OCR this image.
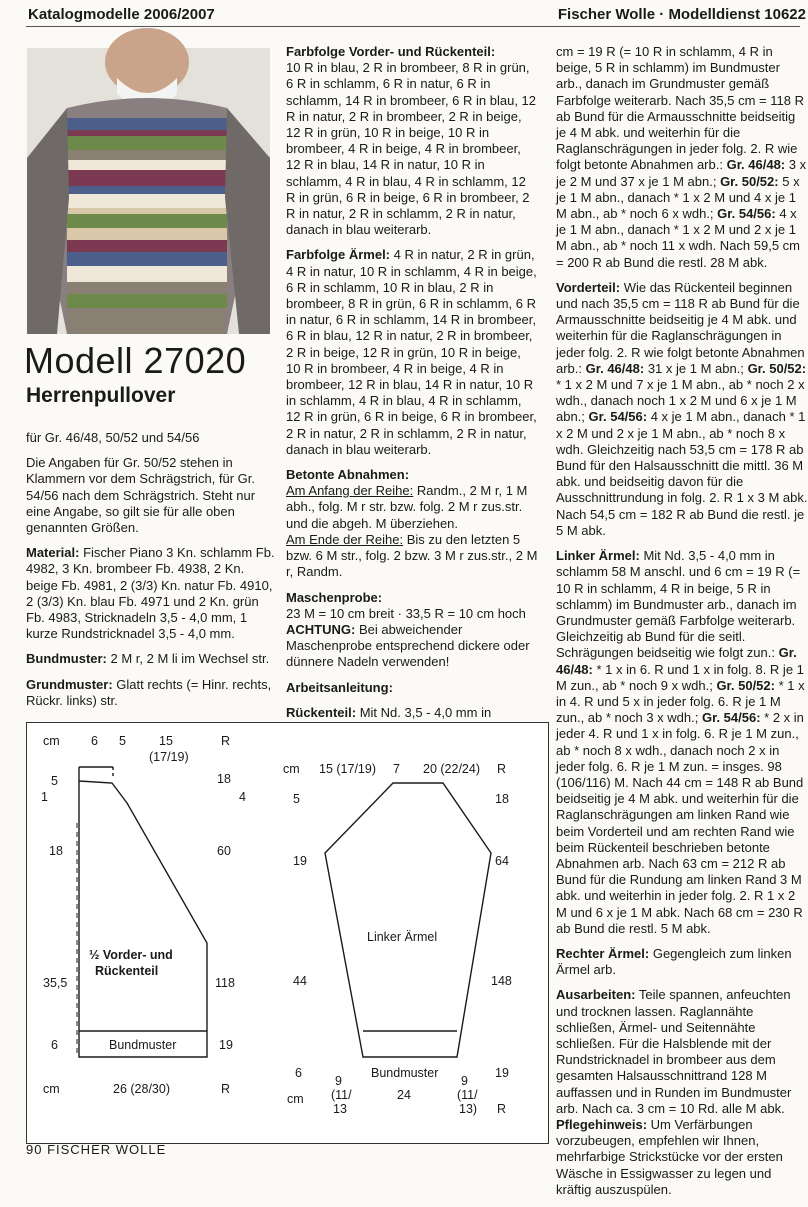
Katalogmodelle 2006/2007	Fischer Wolle · Modelldienst 10622
Modell 27020
Herrenpullover

für Gr. 46/48, 50/52 und 54/56

Die Angaben für Gr. 50/52 stehen in Klammern vor dem Schrägstrich, für Gr. 54/56 nach dem Schrägstrich. Steht nur eine Angabe, so gilt sie für alle oben genannten Größen.

Material: Fischer Piano 3 Kn. schlamm Fb. 4982, 3 Kn. brombeer Fb. 4938, 2 Kn. beige Fb. 4981, 2 (3/3) Kn. natur Fb. 4910, 2 (3/3) Kn. blau Fb. 4971 und 2 Kn. grün Fb. 4983, Stricknadeln 3,5 - 4,0 mm, 1 kurze Rundstricknadel 3,5 - 4,0 mm.

Bundmuster: 2 M r, 2 M li im Wechsel str.

Grundmuster: Glatt rechts (= Hinr. rechts, Rückr. links) str.

Farbfolge Vorder- und Rückenteil:
10 R in blau, 2 R in brombeer, 8 R in grün, 6 R in schlamm, 6 R in natur, 6 R in schlamm, 14 R in brombeer, 6 R in blau, 12 R in natur, 2 R in brombeer, 2 R in beige, 12 R in grün, 10 R in beige, 10 R in brombeer, 4 R in beige, 4 R in brombeer, 12 R in blau, 14 R in natur, 10 R in schlamm, 4 R in blau, 4 R in schlamm, 12 R in grün, 6 R in beige, 6 R in brombeer, 2 R in natur, 2 R in schlamm, 2 R in natur, danach in blau weiterarb.

Farbfolge Ärmel: 4 R in natur, 2 R in grün, 4 R in natur, 10 R in schlamm, 4 R in beige, 6 R in schlamm, 10 R in blau, 2 R in brombeer, 8 R in grün, 6 R in schlamm, 6 R in natur, 6 R in schlamm, 14 R in brombeer, 6 R in blau, 12 R in natur, 2 R in brombeer, 2 R in beige, 12 R in grün, 10 R in beige, 10 R in brombeer, 4 R in beige, 4 R in brombeer, 12 R in blau, 14 R in natur, 10 R in schlamm, 4 R in blau, 4 R in schlamm, 12 R in grün, 6 R in beige, 6 R in brombeer, 2 R in natur, 2 R in schlamm, 2 R in natur, danach in blau weiterarb.

Betonte Abnahmen:
Am Anfang der Reihe: Randm., 2 M r, 1 M abh., folg. M r str. bzw. folg. 2 M r zus.str. und die abgeh. M überziehen.
Am Ende der Reihe: Bis zu den letzten 5 bzw. 6 M str., folg. 2 bzw. 3 M r zus.str., 2 M r, Randm.

Maschenprobe:
23 M = 10 cm breit · 33,5 R = 10 cm hoch
ACHTUNG: Bei abweichender Maschenprobe entsprechend dickere oder dünnere Nadeln verwenden!

Arbeitsanleitung:

Rückenteil: Mit Nd. 3,5 - 4,0 mm in

cm = 19 R (= 10 R in schlamm, 4 R in beige, 5 R in schlamm) im Bundmuster arb., danach im Grundmuster gemäß Farbfolge weiterarb. Nach 35,5 cm = 118 R ab Bund für die Armausschnitte beidseitig je 4 M abk. und weiterhin für die Raglanschrägungen in jeder folg. 2. R wie folgt betonte Abnahmen arb.: Gr. 46/48: 3 x je 2 M und 37 x je 1 M abn.; Gr. 50/52: 5 x je 1 M abn., danach * 1 x 2 M und 4 x je 1 M abn., ab * noch 6 x wdh.; Gr. 54/56: 4 x je 1 M abn., danach * 1 x 2 M und 2 x je 1 M abn., ab * noch 11 x wdh. Nach 59,5 cm = 200 R ab Bund die restl. 28 M abk.

Vorderteil: Wie das Rückenteil beginnen und nach 35,5 cm = 118 R ab Bund für die Armausschnitte beidseitig je 4 M abk. und weiterhin für die Raglanschrägungen in jeder folg. 2. R wie folgt betonte Abnahmen arb.: Gr. 46/48: 31 x je 1 M abn.; Gr. 50/52: * 1 x 2 M und 7 x je 1 M abn., ab * noch 2 x wdh., danach noch 1 x 2 M und 6 x je 1 M abn.; Gr. 54/56: 4 x je 1 M abn., danach * 1 x 2 M und 2 x je 1 M abn., ab * noch 8 x wdh. Gleichzeitig nach 53,5 cm = 178 R ab Bund für den Halsausschnitt die mittl. 36 M abk. und beidseitig davon für die Ausschnittrundung in folg. 2. R 1 x 3 M abk. Nach 54,5 cm = 182 R ab Bund die restl. je 5 M abk.

Linker Ärmel: Mit Nd. 3,5 - 4,0 mm in schlamm 58 M anschl. und 6 cm = 19 R (= 10 R in schlamm, 4 R in beige, 5 R in schlamm) im Bundmuster arb., danach im Grundmuster gemäß Farbfolge weiterarb. Gleichzeitig ab Bund für die seitl. Schrägungen beidseitig wie folgt zun.: Gr. 46/48: * 1 x in 6. R und 1 x in folg. 8. R je 1 M zun., ab * noch 9 x wdh.; Gr. 50/52: * 1 x in 4. R und 5 x in jeder folg. 6. R je 1 M zun., ab * noch 3 x wdh.; Gr. 54/56: * 2 x in jeder 4. R und 1 x in folg. 6. R je 1 M zun., ab * noch 8 x wdh., danach noch 2 x in jeder folg. 6. R je 1 M zun. = insges. 98 (106/116) M. Nach 44 cm = 148 R ab Bund beidseitig je 4 M abk. und weiterhin für die Raglanschrägungen am linken Rand wie beim Vorderteil und am rechten Rand wie beim Rückenteil beschrieben betonte Abnahmen arb. Nach 63 cm = 212 R ab Bund für die Rundung am linken Rand 3 M abk. und weiterhin in jeder folg. 2. R 1 x 2 M und 6 x je 1 M abk. Nach 68 cm = 230 R ab Bund die restl. 5 M abk.

Rechter Ärmel: Gegengleich zum linken Ärmel arb.

Ausarbeiten: Teile spannen, anfeuchten und trocknen lassen. Raglannähte schließen, Ärmel- und Seitennähte schließen. Für die Halsblende mit der Rundstricknadel in brombeer aus dem gesamten Halsausschnittrand 128 M auffassen und in Runden im Bundmuster arb. Nach ca. 3 cm = 10 Rd. alle M abk. Pflegehinweis: Um Verfärbungen vorzubeugen, empfehlen wir Ihnen, mehrfarbige Strickstücke vor der ersten Wäsche in Essigwasser zu legen und kräftig auszuspülen.

cm	6 5	15
(17/19)
R
5
1
18
35,5
6
18
4
60
118
19
½ Vorder- und
Rückenteil
Bundmuster
cm	26 (28/30)	R
cm 15 (17/19) 7 20 (22/24) R
5
19
44
6
18
64
148
19
Linker Ärmel
Bundmuster
9
(11/
13
24
9
(11/
13)
cm
R
90 FISCHER WOLLE
